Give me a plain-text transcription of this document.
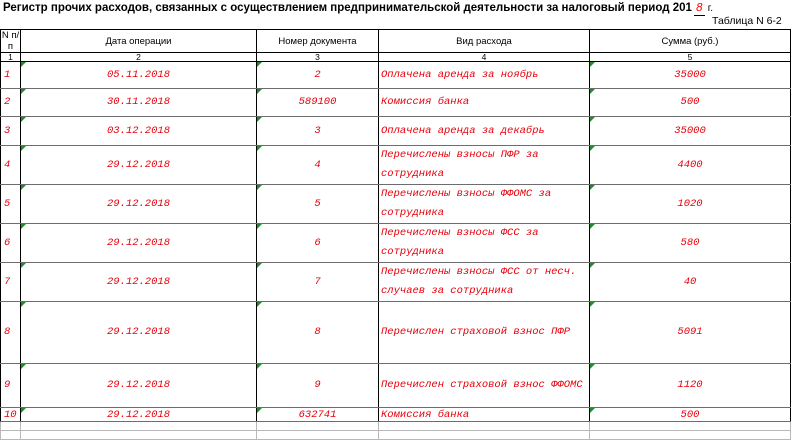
Регистр прочих расходов, связанных с осуществлением предпринимательской деятельности за налоговый период 201 8 г.
Таблица N 6-2
N п/п	Дата операции	Номер документа	Вид расхода	Сумма (руб.)
1	2	3	4	5
1	05.11.2018	2	Оплачена аренда за ноябрь	35000
2	30.11.2018	589100	Комиссия банка	500
3	03.12.2018	3	Оплачена аренда за декабрь	35000
4	29.12.2018	4	Перечислены взносы ПФР за сотрудника	4400
5	29.12.2018	5	Перечислены взносы ФФОМС за сотрудника	1020
6	29.12.2018	6	Перечислены взносы ФСС за сотрудника	580
7	29.12.2018	7	Перечислены взносы ФСС от несч. случаев за сотрудника	40
8	29.12.2018	8	Перечислен страховой взнос ПФР	5091
9	29.12.2018	9	Перечислен страховой взнос ФФОМС	1120
10	29.12.2018	632741	Комиссия банка	500
